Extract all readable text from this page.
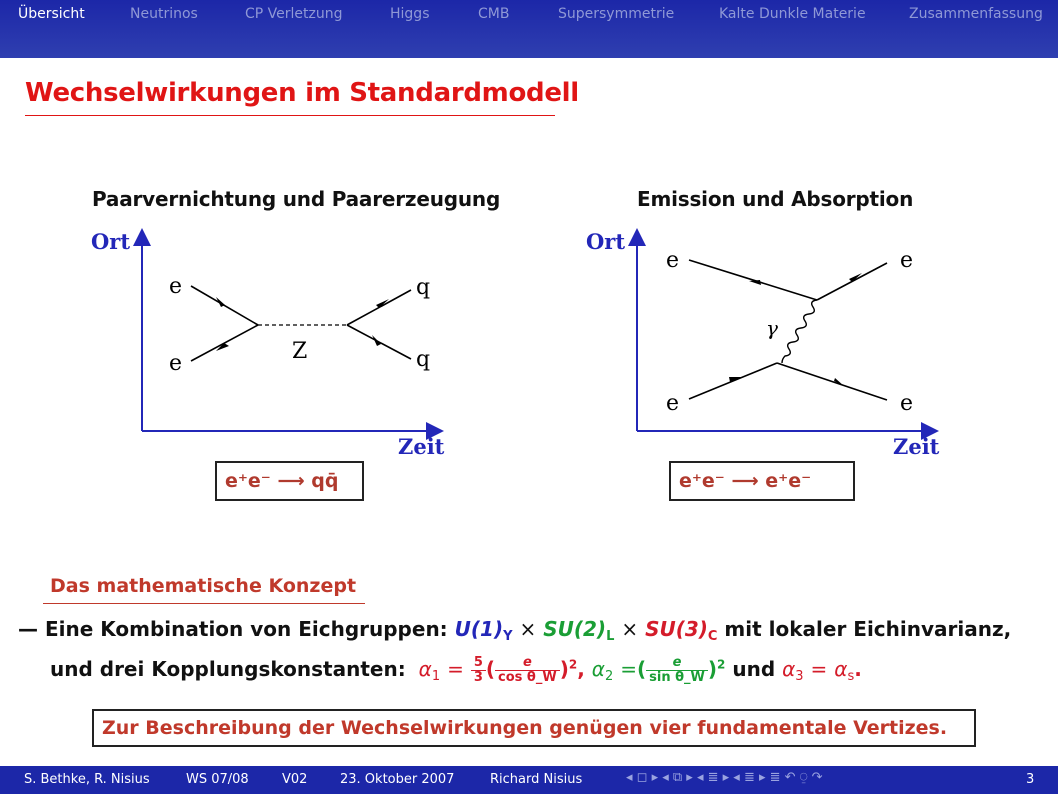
Übersicht	Neutrinos	CP Verletzung	Higgs	CMB	Supersymmetrie	Kalte Dunkle Materie	Zusammenfassung
Wechselwirkungen im Standardmodell
Paarvernichtung und Paarerzeugung	Emission und Absorption
Ort
Zeit
e
e
q
q
Z
Ort
Zeit
e
e
e
e
γ
e⁺e⁻ ⟶ qq̄	e⁺e⁻ ⟶ e⁺e⁻
Das mathematische Konzept
— Eine Kombination von Eichgruppen: $U(1)_Y \times SU(2)_L \times SU(3)_C$ mit lokaler Eichinvarianz,
und drei Kopplungskonstanten: $\alpha_1 = \frac{5}{3}$ ( $\frac{e}{\text{cos θ\_W}} )^2$, $\alpha_2$ =( $\frac{e}{\text{sin θ\_W}} )^2$ und $\alpha_3 = \alpha_s$.
Zur Beschreibung der Wechselwirkungen genügen vier fundamentale Vertizes.
S. Bethke, R. Nisius	WS 07/08	V02	23. Oktober 2007	Richard Nisius	◂ ◻ ▸ ◂ ⧉ ▸ ◂ ≣ ▸ ◂ ≣ ▸ ≣ ↶ ⍜ ↷	3
